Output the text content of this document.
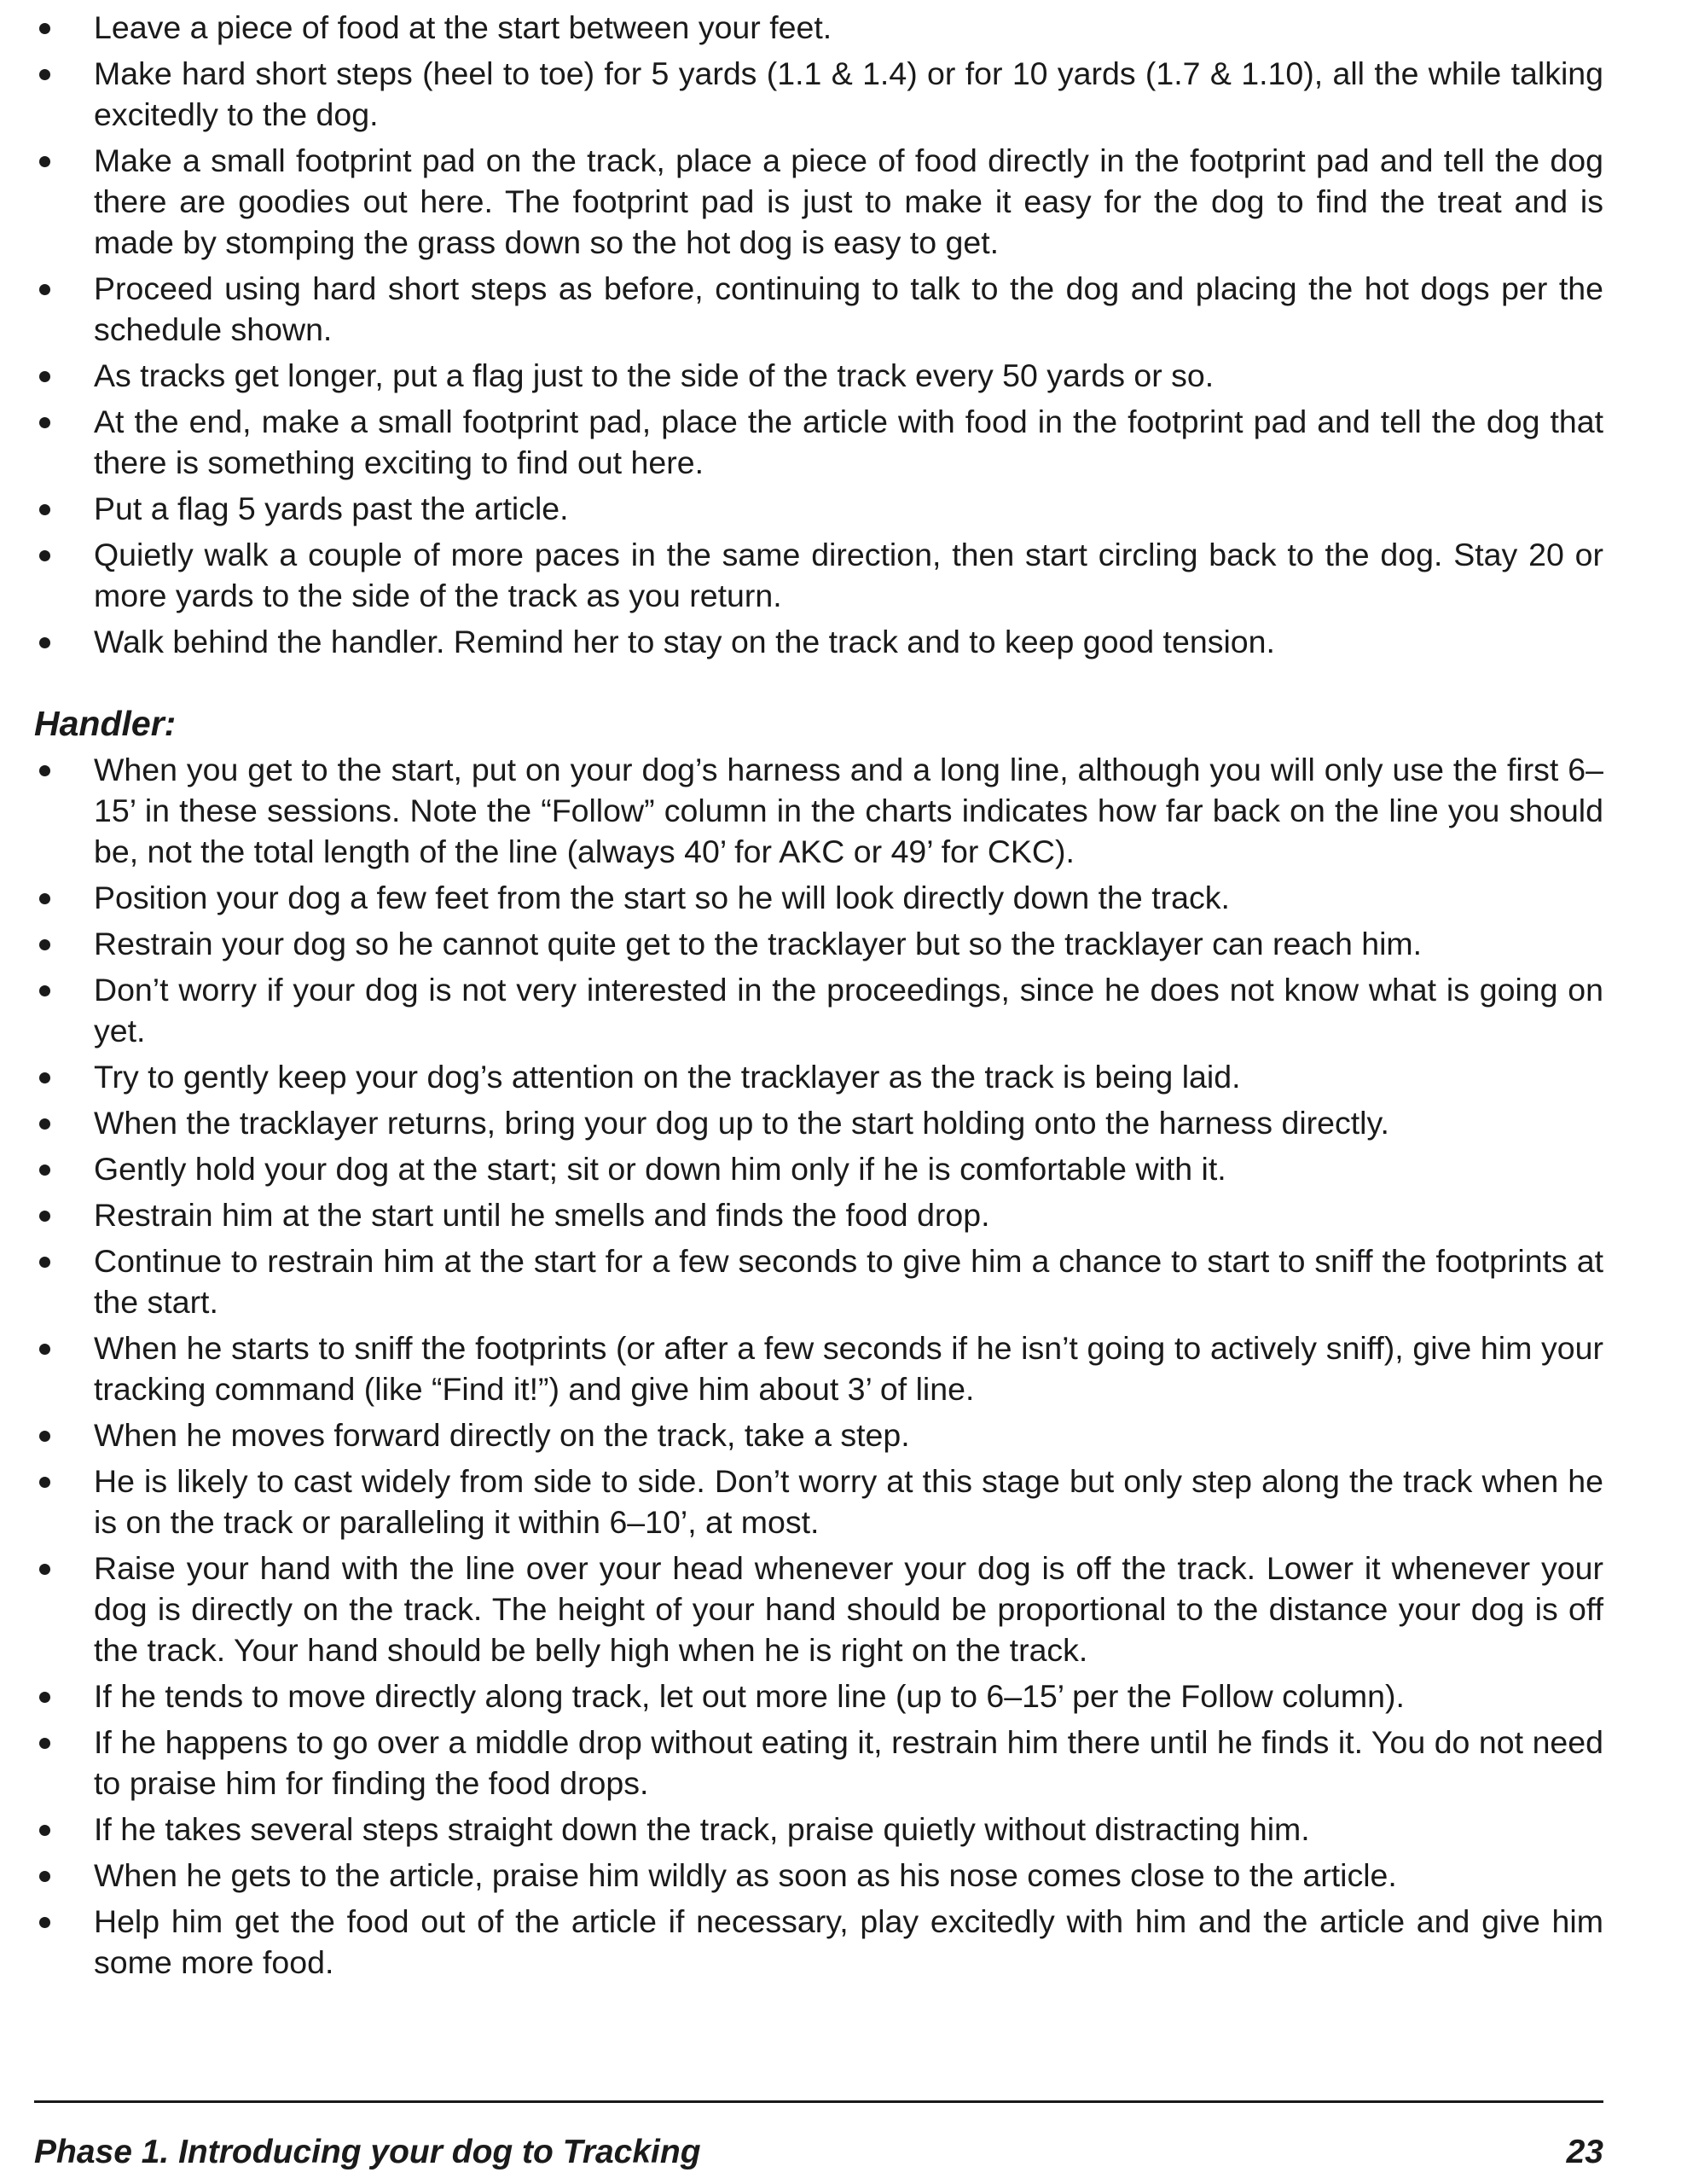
Leave a piece of food at the start between your feet.
Make hard short steps (heel to toe) for 5 yards (1.1 & 1.4) or for 10 yards (1.7 & 1.10), all the while talking excitedly to the dog.
Make a small footprint pad on the track, place a piece of food directly in the footprint pad and tell the dog there are goodies out here. The footprint pad is just to make it easy for the dog to find the treat and is made by stomping the grass down so the hot dog is easy to get.
Proceed using hard short steps as before, continuing to talk to the dog and placing the hot dogs per the schedule shown.
As tracks get longer, put a flag just to the side of the track every 50 yards or so.
At the end, make a small footprint pad, place the article with food in the footprint pad and tell the dog that there is something exciting to find out here.
Put a flag 5 yards past the article.
Quietly walk a couple of more paces in the same direction, then start circling back to the dog. Stay 20 or more yards to the side of the track as you return.
Walk behind the handler. Remind her to stay on the track and to keep good tension.
Handler:
When you get to the start, put on your dog’s harness and a long line, although you will only use the first 6–15’ in these sessions. Note the “Follow” column in the charts indicates how far back on the line you should be, not the total length of the line (always 40’ for AKC or 49’ for CKC).
Position your dog a few feet from the start so he will look directly down the track.
Restrain your dog so he cannot quite get to the tracklayer but so the tracklayer can reach him.
Don’t worry if your dog is not very interested in the proceedings, since he does not know what is going on yet.
Try to gently keep your dog’s attention on the tracklayer as the track is being laid.
When the tracklayer returns, bring your dog up to the start holding onto the harness directly.
Gently hold your dog at the start; sit or down him only if he is comfortable with it.
Restrain him at the start until he smells and finds the food drop.
Continue to restrain him at the start for a few seconds to give him a chance to start to sniff the footprints at the start.
When he starts to sniff the footprints (or after a few seconds if he isn’t going to actively sniff), give him your tracking command (like “Find it!”) and give him about 3’ of line.
When he moves forward directly on the track, take a step.
He is likely to cast widely from side to side. Don’t worry at this stage but only step along the track when he is on the track or paralleling it within 6–10’, at most.
Raise your hand with the line over your head whenever your dog is off the track. Lower it whenever your dog is directly on the track. The height of your hand should be proportional to the distance your dog is off the track. Your hand should be belly high when he is right on the track.
If he tends to move directly along track, let out more line (up to 6–15’ per the Follow column).
If he happens to go over a middle drop without eating it, restrain him there until he finds it. You do not need to praise him for finding the food drops.
If he takes several steps straight down the track, praise quietly without distracting him.
When he gets to the article, praise him wildly as soon as his nose comes close to the article.
Help him get the food out of the article if necessary, play excitedly with him and the article and give him some more food.
Phase 1. Introducing your dog to Tracking	23
